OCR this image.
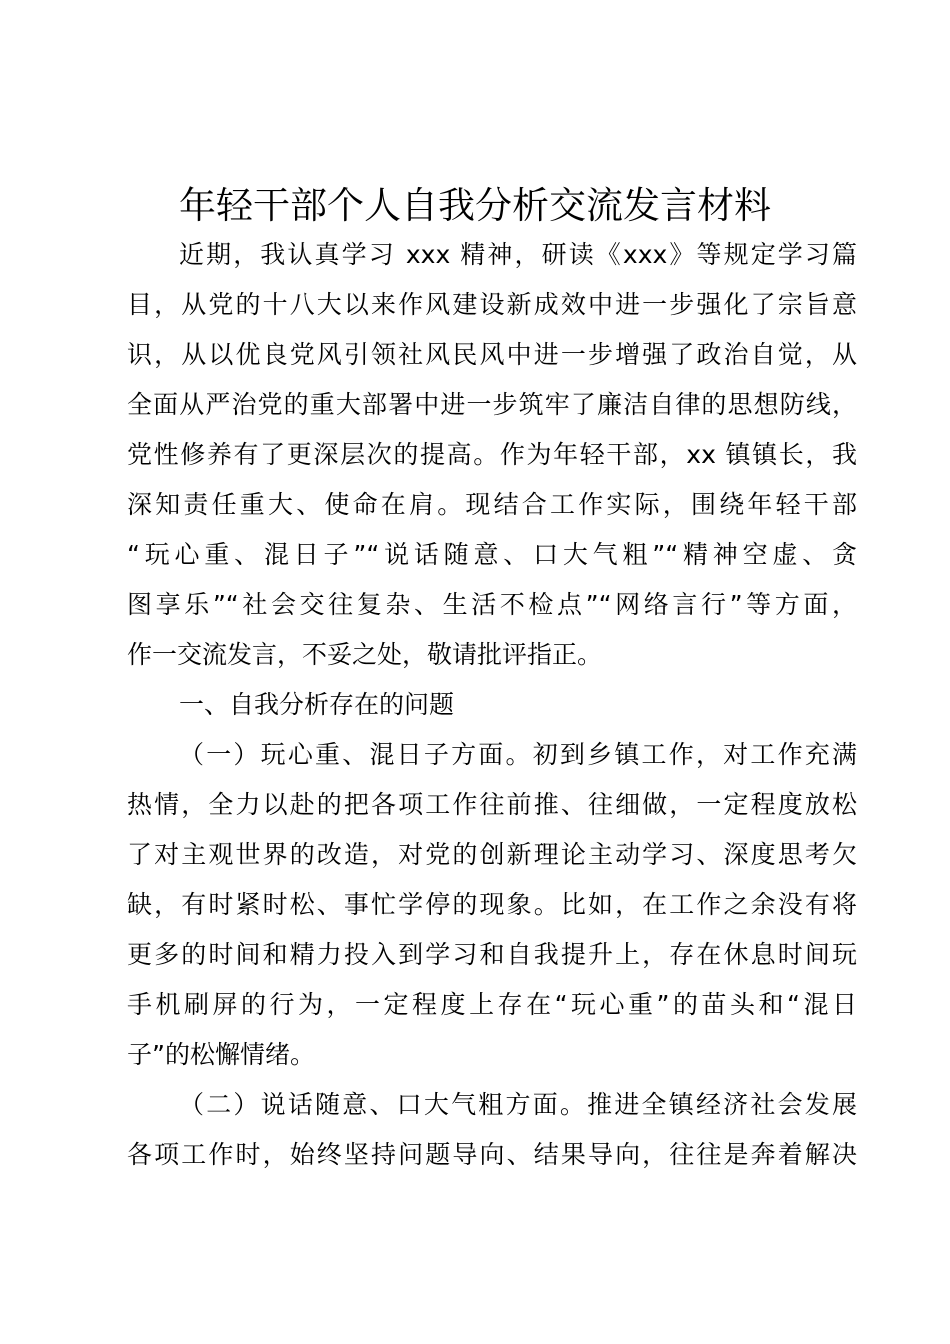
年轻干部个人自我分析交流发言材料
近期，我认真学习 xxx 精神，研读《xxx》等规定学习篇
目，从党的十八大以来作风建设新成效中进一步强化了宗旨意
识，从以优良党风引领社风民风中进一步增强了政治自觉，从
全面从严治党的重大部署中进一步筑牢了廉洁自律的思想防线，
党性修养有了更深层次的提高。作为年轻干部，xx 镇镇长，我
深知责任重大、使命在肩。现结合工作实际，围绕年轻干部
“玩心重、混日子”“说话随意、口大气粗”“精神空虚、贪
图享乐”“社会交往复杂、生活不检点”“网络言行”等方面，
作一交流发言，不妥之处，敬请批评指正。
一、自我分析存在的问题
（一）玩心重、混日子方面。初到乡镇工作，对工作充满
热情，全力以赴的把各项工作往前推、往细做，一定程度放松
了对主观世界的改造，对党的创新理论主动学习、深度思考欠
缺，有时紧时松、事忙学停的现象。比如，在工作之余没有将
更多的时间和精力投入到学习和自我提升上，存在休息时间玩
手机刷屏的行为，一定程度上存在“玩心重”的苗头和“混日
子”的松懈情绪。
（二）说话随意、口大气粗方面。推进全镇经济社会发展
各项工作时，始终坚持问题导向、结果导向，往往是奔着解决
